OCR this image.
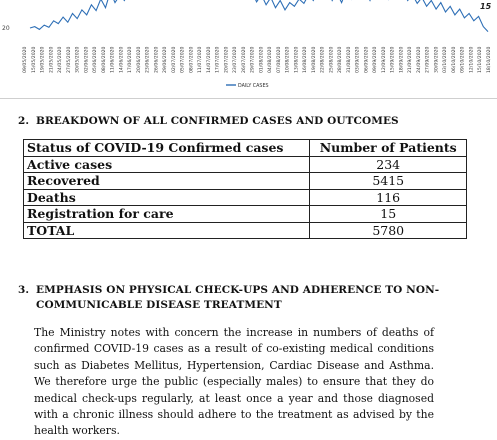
20
15
09/05/2020 15/05/2020 19/05/2020 21/05/2020 24/05/2020 27/05/2020 30/05/2020 02/06/2020 05/06/2020 08/06/2020 11/06/2020 14/06/2020 17/06/2020 20/06/2020 23/06/2020 26/06/2020 29/06/2020 02/07/2020 05/07/2020 08/07/2020 11/07/2020 14/07/2020 17/07/2020 20/07/2020 23/07/2020 26/07/2020 29/07/2020 01/08/2020 04/08/2020 07/08/2020 10/08/2020 13/08/2020 16/08/2020 19/08/2020 22/08/2020 25/08/2020 28/08/2020 31/08/2020 03/09/2020 06/09/2020 09/09/2020 12/09/2020 15/09/2020 18/09/2020 21/09/2020 24/09/2020 27/09/2020 30/09/2020 03/10/2020 06/10/2020 09/10/2020 12/10/2020 15/10/2020 18/10/2020
DAILY CASES
2. BREAKDOWN OF ALL CONFIRMED CASES AND OUTCOMES
Status of COVID-19 Confirmed cases	Number of Patients
Active cases	234
Recovered	5415
Deaths	116
Registration for care	15
TOTAL	5780
3. EMPHASIS ON PHYSICAL CHECK-UPS AND ADHERENCE TO NON-
COMMUNICABLE DISEASE TREATMENT
The Ministry notes with concern the increase in numbers of deaths of confirmed COVID-19 cases as a result of co-existing medical conditions such as Diabetes Mellitus, Hypertension, Cardiac Disease and Asthma. We therefore urge the public (especially males) to ensure that they do medical check-ups regularly, at least once a year and those diagnosed with a chronic illness should adhere to the treatment as advised by the health workers.
